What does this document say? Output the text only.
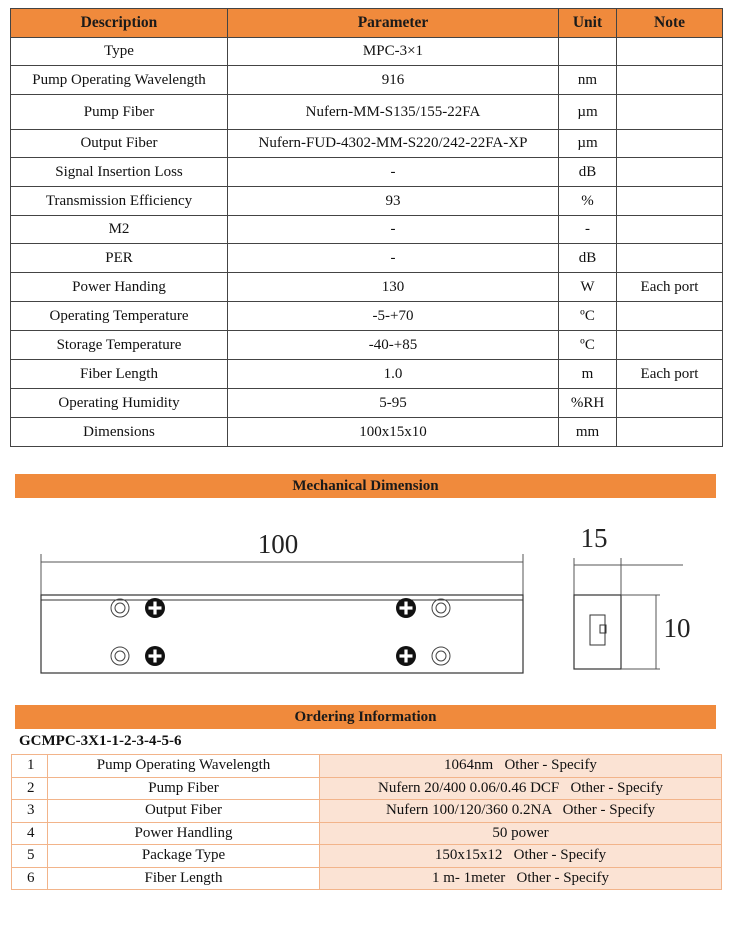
Description	Parameter	Unit	Note
Type	MPC-3×1		
Pump Operating Wavelength	916	nm	
Pump Fiber	Nufern-MM-S135/155-22FA	µm	
Output Fiber	Nufern-FUD-4302-MM-S220/242-22FA-XP	µm	
Signal Insertion Loss	-	dB	
Transmission Efficiency	93	%	
M2	-	-	
PER	-	dB	
Power Handing	130	W	Each port
Operating Temperature	-5-+70	ºC	
Storage Temperature	-40-+85	ºC	
Fiber Length	1.0	m	Each port
Operating Humidity	5-95	%RH	
Dimensions	100x15x10	mm	
Mechanical Dimension
100	15
10
Ordering Information
GCMPC-3X1-1-2-3-4-5-6
1	Pump Operating Wavelength	1064nm   Other - Specify
2	Pump Fiber	Nufern 20/400 0.06/0.46 DCF   Other - Specify
3	Output Fiber	Nufern 100/120/360 0.2NA   Other - Specify
4	Power Handling	50 power
5	Package Type	150x15x12   Other - Specify
6	Fiber Length	1 m- 1meter   Other - Specify
